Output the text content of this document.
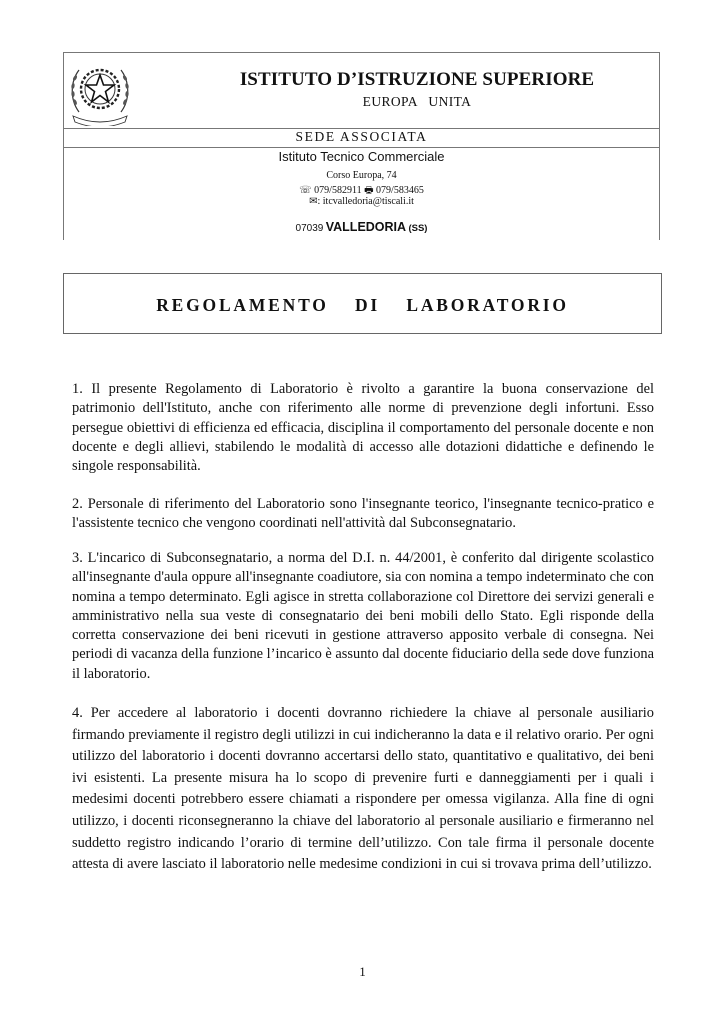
ISTITUTO D’ISTRUZIONE SUPERIORE
EUROPA   UNITA
SEDE ASSOCIATA
Istituto Tecnico Commerciale
Corso Europa, 74
☏ 079/582911 🖶 079/583465
✉: itcvalledoria@tiscali.it
07039 VALLEDORIA (SS)
REGOLAMENTO  DI  LABORATORIO
1. Il presente Regolamento di Laboratorio è rivolto a garantire la buona conservazione del patrimonio dell'Istituto, anche con riferimento alle norme di prevenzione degli infortuni. Esso persegue obiettivi di efficienza ed efficacia, disciplina il comportamento del personale docente e non docente e degli allievi, stabilendo le modalità di accesso alle dotazioni didattiche e definendo le singole responsabilità.
2. Personale di riferimento del Laboratorio sono l'insegnante teorico, l'insegnante tecnico-pratico e l'assistente tecnico che vengono coordinati nell'attività dal Subconsegnatario.
3. L'incarico di Subconsegnatario, a norma del D.I. n. 44/2001, è conferito dal dirigente scolastico all'insegnante d'aula oppure all'insegnante coadiutore, sia con nomina a tempo indeterminato che con nomina a tempo determinato. Egli agisce in stretta collaborazione col Direttore dei servizi generali e amministrativo nella sua veste di consegnatario dei beni mobili dello Stato. Egli risponde della corretta conservazione dei beni ricevuti in gestione attraverso apposito verbale di consegna. Nei periodi di vacanza della funzione l’incarico è assunto dal docente fiduciario della sede dove funziona il laboratorio.
4. Per accedere al laboratorio i docenti dovranno richiedere la chiave al personale ausiliario firmando previamente il registro degli utilizzi in cui indicheranno la data e il relativo orario. Per ogni utilizzo del laboratorio i docenti dovranno accertarsi dello stato, quantitativo e qualitativo, dei beni ivi esistenti. La presente misura ha lo scopo di prevenire furti e danneggiamenti per i quali i medesimi docenti potrebbero essere chiamati a rispondere per omessa vigilanza. Alla fine di ogni utilizzo, i docenti riconsegneranno la chiave del laboratorio al personale ausiliario e firmeranno nel suddetto registro indicando l’orario di termine dell’utilizzo. Con tale firma il personale docente attesta di avere lasciato il laboratorio nelle medesime condizioni in cui si trovava prima dell’utilizzo.
1
